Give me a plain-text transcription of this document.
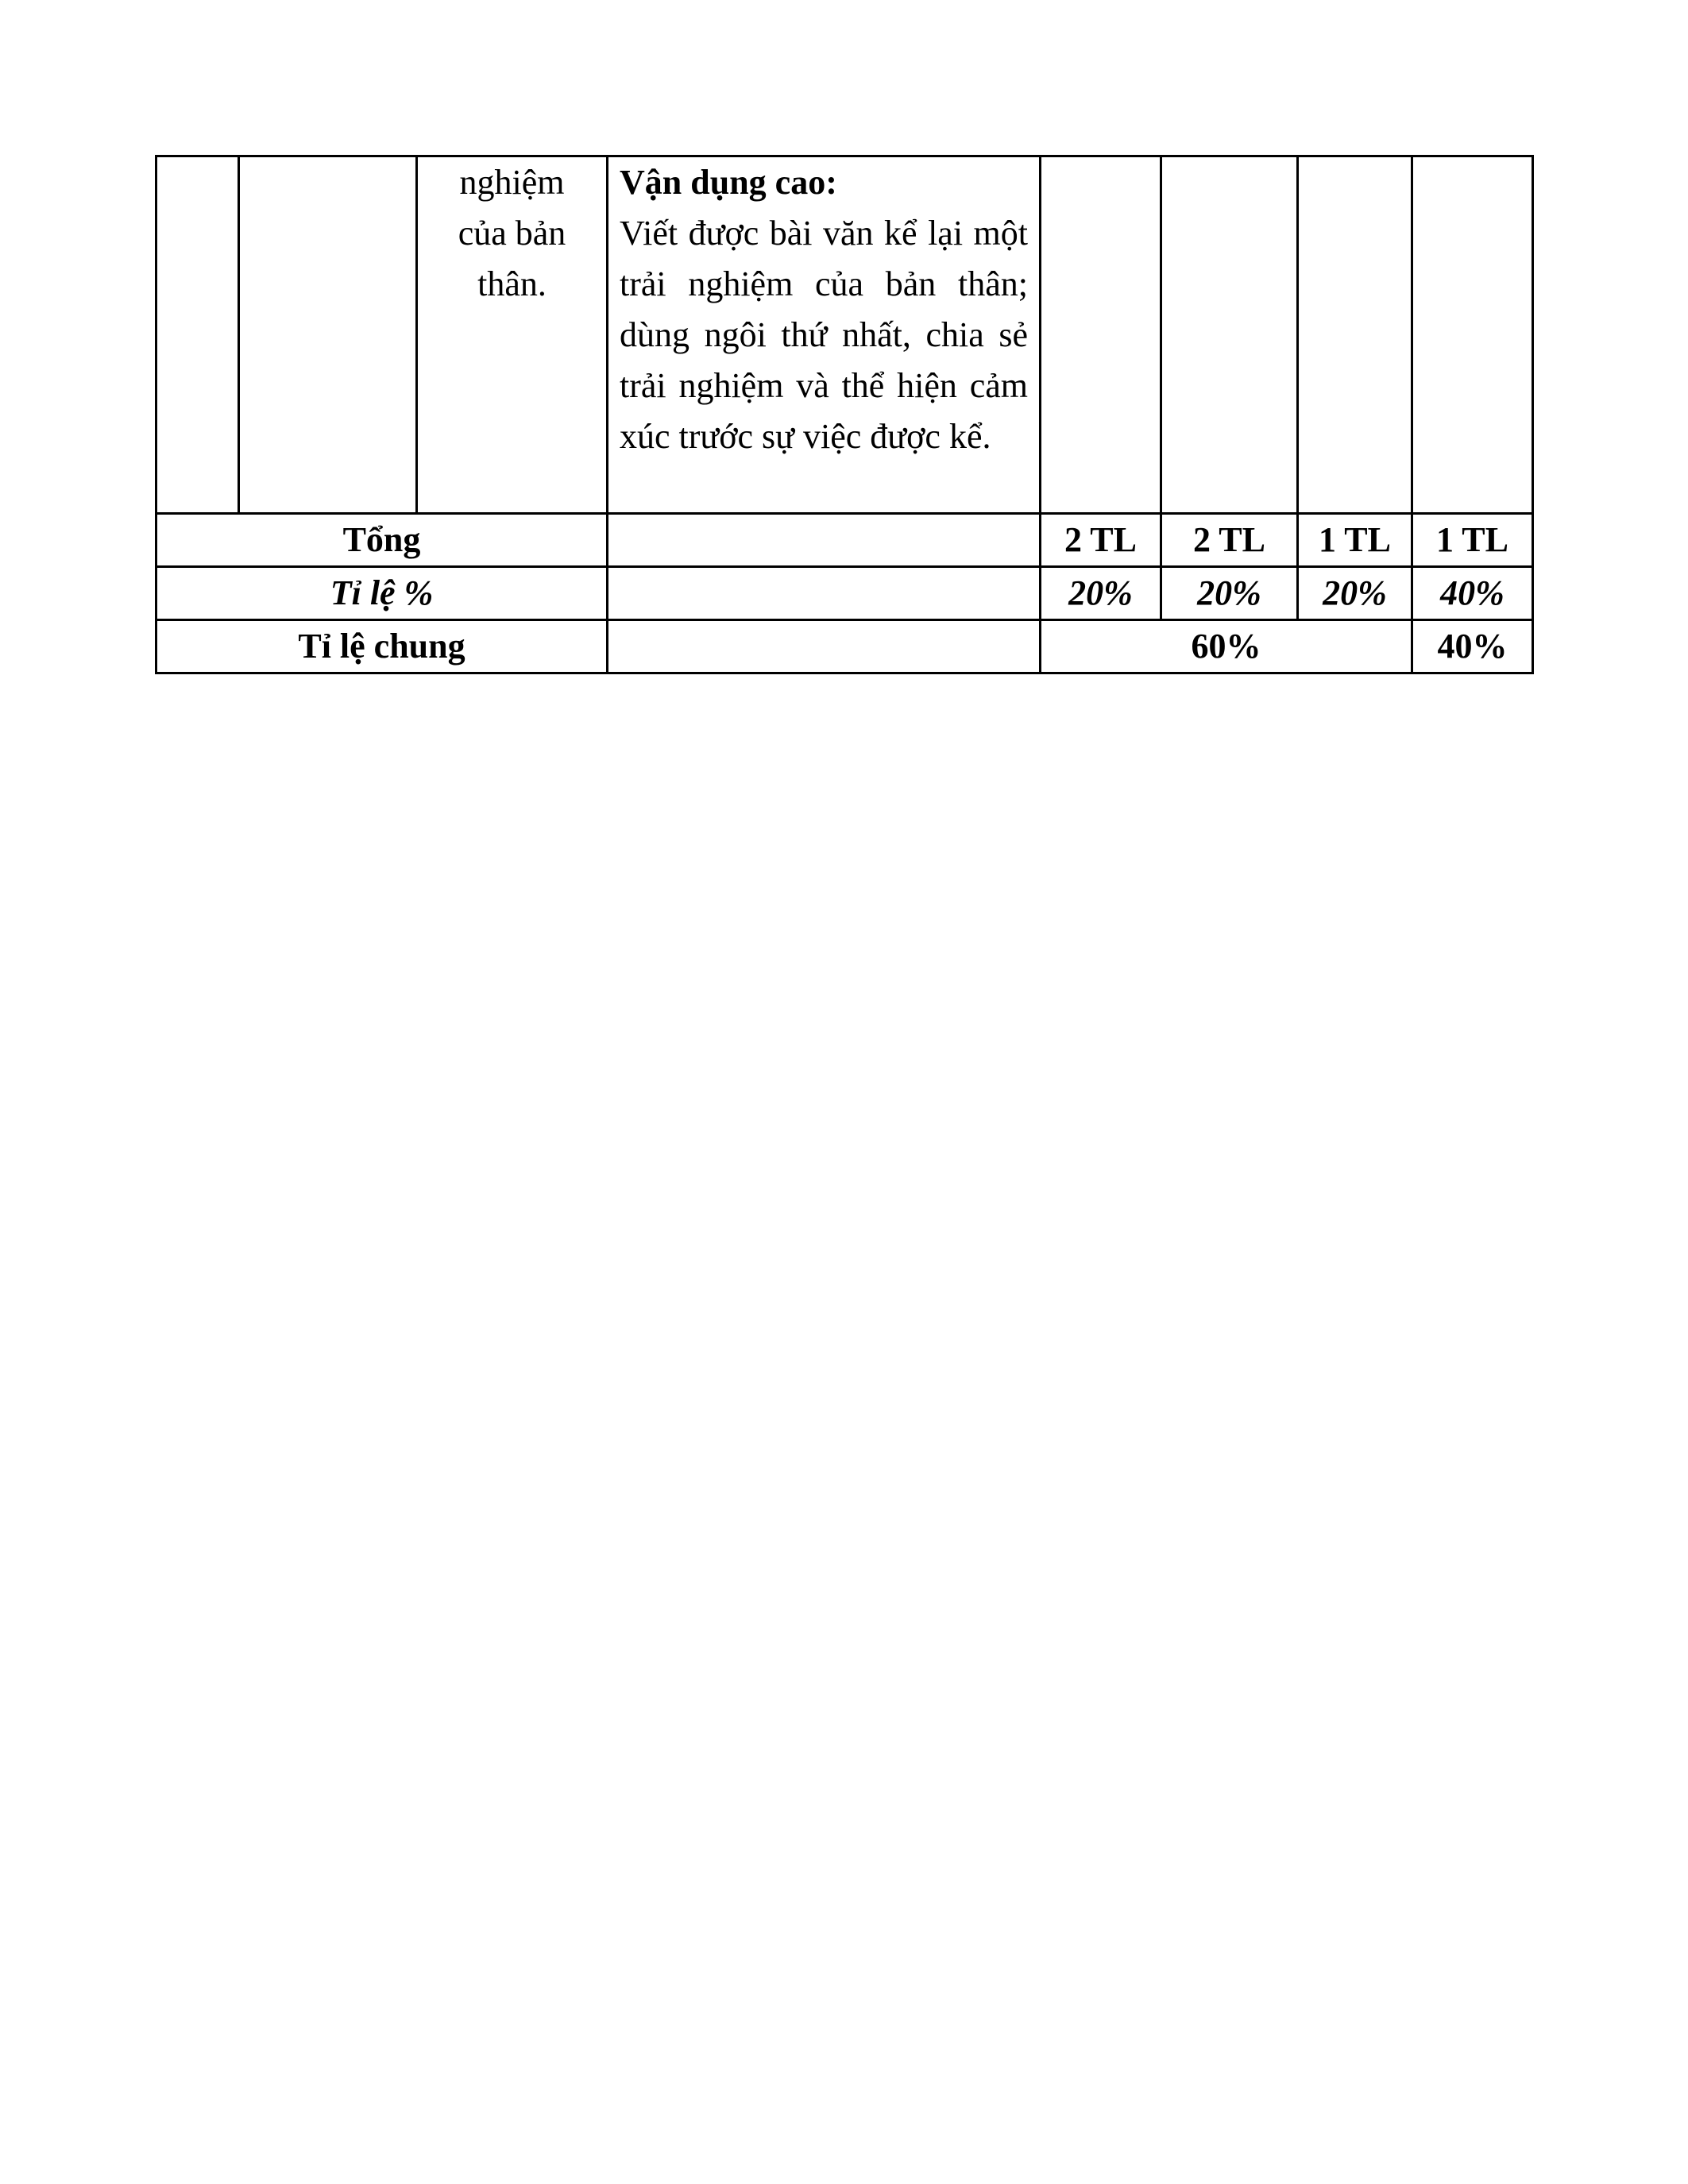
		nghiệm
của bản
thân.	Vận dụng cao:
Viết được bài văn kể lại một trải nghiệm của bản thân; dùng ngôi thứ nhất, chia sẻ trải nghiệm và thể hiện cảm xúc trước sự việc được kể.				
Tổng				2 TL	2 TL	1 TL	1 TL
Tỉ lệ %				20%	20%	20%	40%
Tỉ lệ chung				60%			40%
